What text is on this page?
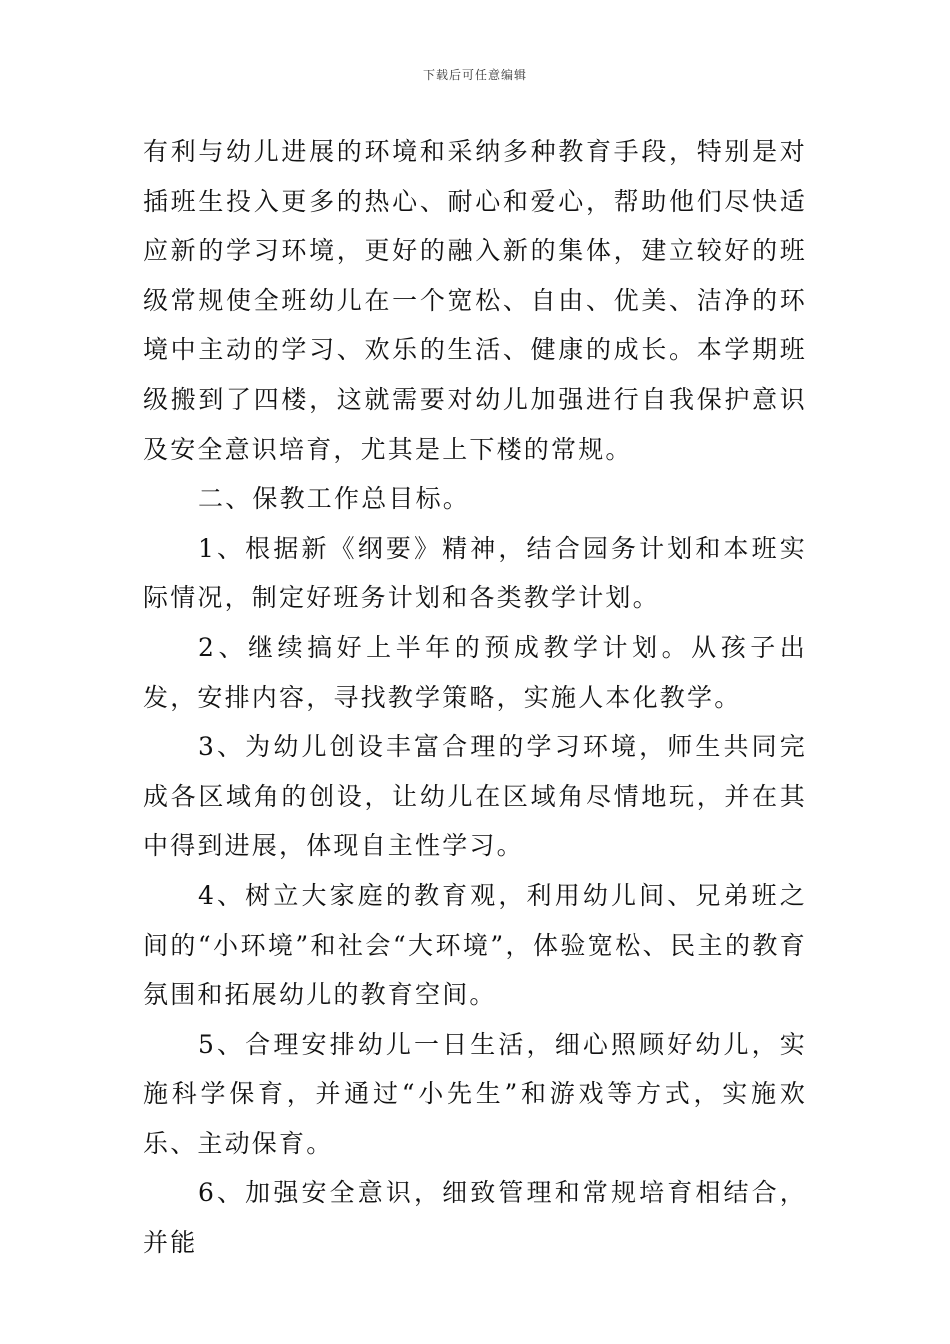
下载后可任意编辑

有利与幼儿进展的环境和采纳多种教育手段，特别是对插班生投入更多的热心、耐心和爱心，帮助他们尽快适应新的学习环境，更好的融入新的集体，建立较好的班级常规使全班幼儿在一个宽松、自由、优美、洁净的环境中主动的学习、欢乐的生活、健康的成长。本学期班级搬到了四楼，这就需要对幼儿加强进行自我保护意识及安全意识培育，尤其是上下楼的常规。

二、保教工作总目标。

1、根据新《纲要》精神，结合园务计划和本班实际情况，制定好班务计划和各类教学计划。

2、继续搞好上半年的预成教学计划。从孩子出发，安排内容，寻找教学策略，实施人本化教学。

3、为幼儿创设丰富合理的学习环境，师生共同完成各区域角的创设，让幼儿在区域角尽情地玩，并在其中得到进展，体现自主性学习。

4、树立大家庭的教育观，利用幼儿间、兄弟班之间的“小环境”和社会“大环境”，体验宽松、民主的教育氛围和拓展幼儿的教育空间。

5、合理安排幼儿一日生活，细心照顾好幼儿，实施科学保育，并通过“小先生”和游戏等方式，实施欢乐、主动保育。

6、加强安全意识，细致管理和常规培育相结合，并能
